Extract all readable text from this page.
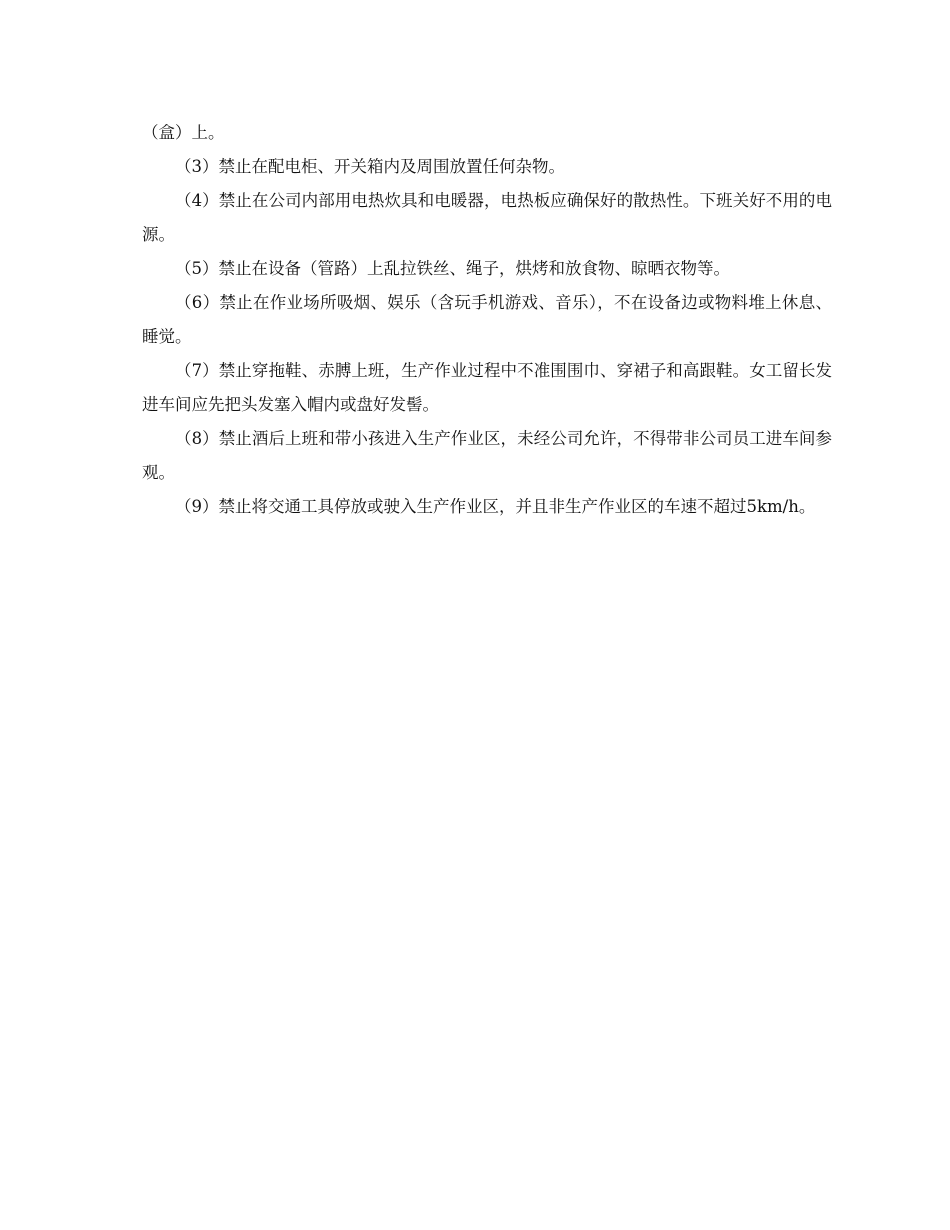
（盒）上。

（3）禁止在配电柜、开关箱内及周围放置任何杂物。

（4）禁止在公司内部用电热炊具和电暖器，电热板应确保好的散热性。下班关好不用的电源。

（5）禁止在设备（管路）上乱拉铁丝、绳子，烘烤和放食物、晾晒衣物等。

（6）禁止在作业场所吸烟、娱乐（含玩手机游戏、音乐），不在设备边或物料堆上休息、睡觉。

（7）禁止穿拖鞋、赤膊上班，生产作业过程中不准围围巾、穿裙子和高跟鞋。女工留长发进车间应先把头发塞入帽内或盘好发髻。

（8）禁止酒后上班和带小孩进入生产作业区，未经公司允许，不得带非公司员工进车间参观。

（9）禁止将交通工具停放或驶入生产作业区，并且非生产作业区的车速不超过5km/h。
